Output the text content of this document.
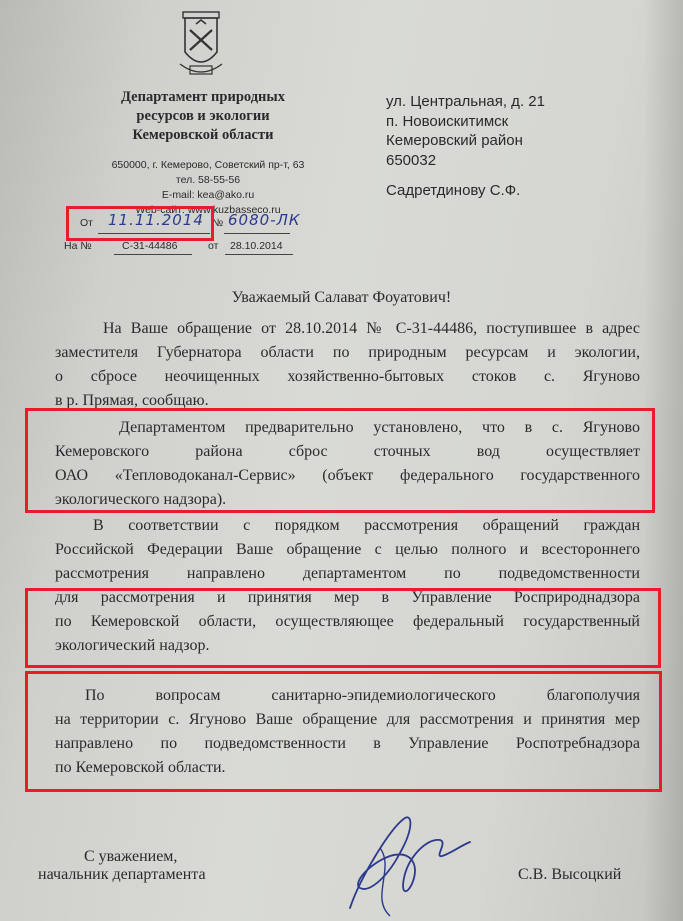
Департамент природных
ресурсов и экологии
Кемеровской области
650000, г. Кемерово, Советский пр-т, 63
тел. 58-55-56
E-mail: kea@ako.ru
Web-сайт: www.kuzbasseco.ru
От 11.11.2014 № 6080-ЛК
На №	С-31-44486	от 28.10.2014
ул. Центральная, д. 21
п. Новоискитимск
Кемеровский район
650032
Садретдинову С.Ф.
Уважаемый Салават Фоуатович!
На Ваше обращение от 28.10.2014 № С-31-44486, поступившее в адрес
заместителя Губернатора области по природным ресурсам и экологии,
о сбросе неочищенных хозяйственно-бытовых стоков с. Ягуново
в р. Прямая, сообщаю.
Департаментом предварительно установлено, что в с. Ягуново
Кемеровского района сброс сточных вод осуществляет
ОАО «Тепловодоканал-Сервис» (объект федерального государственного
экологического надзора).
В соответствии с порядком рассмотрения обращений граждан
Российской Федерации Ваше обращение с целью полного и всестороннего
рассмотрения направлено департаментом по подведомственности
для рассмотрения и принятия мер в Управление Росприроднадзора
по Кемеровской области, осуществляющее федеральный государственный
экологический надзор.
По вопросам санитарно-эпидемиологического благополучия
на территории с. Ягуново Ваше обращение для рассмотрения и принятия мер
направлено по подведомственности в Управление Роспотребнадзора
по Кемеровской области.
С уважением,
начальник департамента	С.В. Высоцкий
